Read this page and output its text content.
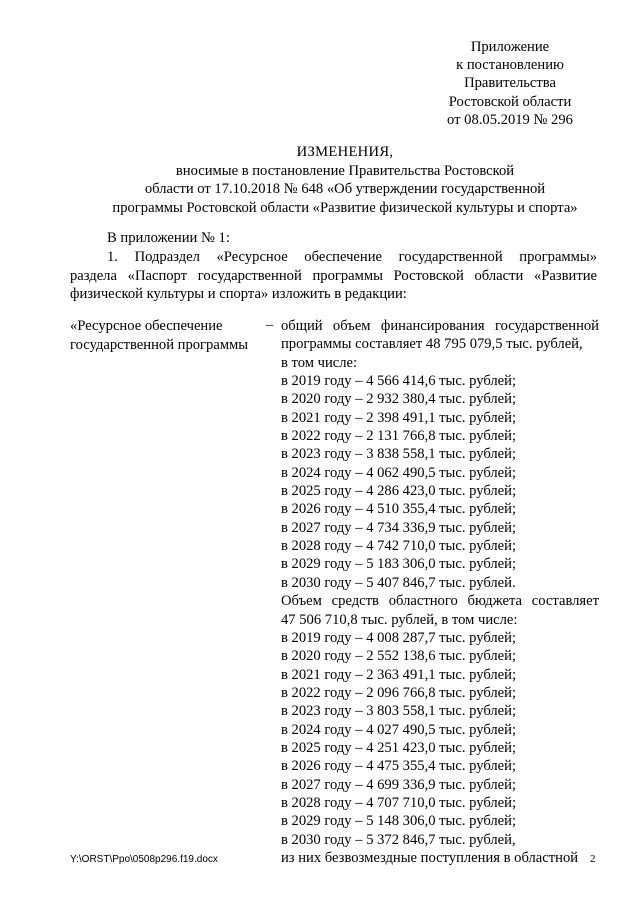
Приложение
к постановлению
Правительства
Ростовской области
от 08.05.2019 № 296
ИЗМЕНЕНИЯ,
вносимые в постановление Правительства Ростовской
области от 17.10.2018 № 648 «Об утверждении государственной
программы Ростовской области «Развитие физической культуры и спорта»
В приложении № 1:
1. Подраздел «Ресурсное обеспечение государственной программы»
раздела «Паспорт государственной программы Ростовской области «Развитие
физической культуры и спорта» изложить в редакции:
«Ресурсное обеспечение
государственной программы
– общий объем финансирования государственной
программы составляет 48 795 079,5 тыс. рублей,
в том числе:
в 2019 году – 4 566 414,6 тыс. рублей;
в 2020 году – 2 932 380,4 тыс. рублей;
в 2021 году – 2 398 491,1 тыс. рублей;
в 2022 году – 2 131 766,8 тыс. рублей;
в 2023 году – 3 838 558,1 тыс. рублей;
в 2024 году – 4 062 490,5 тыс. рублей;
в 2025 году – 4 286 423,0 тыс. рублей;
в 2026 году – 4 510 355,4 тыс. рублей;
в 2027 году – 4 734 336,9 тыс. рублей;
в 2028 году – 4 742 710,0 тыс. рублей;
в 2029 году – 5 183 306,0 тыс. рублей;
в 2030 году – 5 407 846,7 тыс. рублей.
Объем средств областного бюджета составляет
47 506 710,8 тыс. рублей, в том числе:
в 2019 году – 4 008 287,7 тыс. рублей;
в 2020 году – 2 552 138,6 тыс. рублей;
в 2021 году – 2 363 491,1 тыс. рублей;
в 2022 году – 2 096 766,8 тыс. рублей;
в 2023 году – 3 803 558,1 тыс. рублей;
в 2024 году – 4 027 490,5 тыс. рублей;
в 2025 году – 4 251 423,0 тыс. рублей;
в 2026 году – 4 475 355,4 тыс. рублей;
в 2027 году – 4 699 336,9 тыс. рублей;
в 2028 году – 4 707 710,0 тыс. рублей;
в 2029 году – 5 148 306,0 тыс. рублей;
в 2030 году – 5 372 846,7 тыс. рублей,
из них безвозмездные поступления в областной
Y:\ORST\Ppo\0508p296.f19.docx	2
